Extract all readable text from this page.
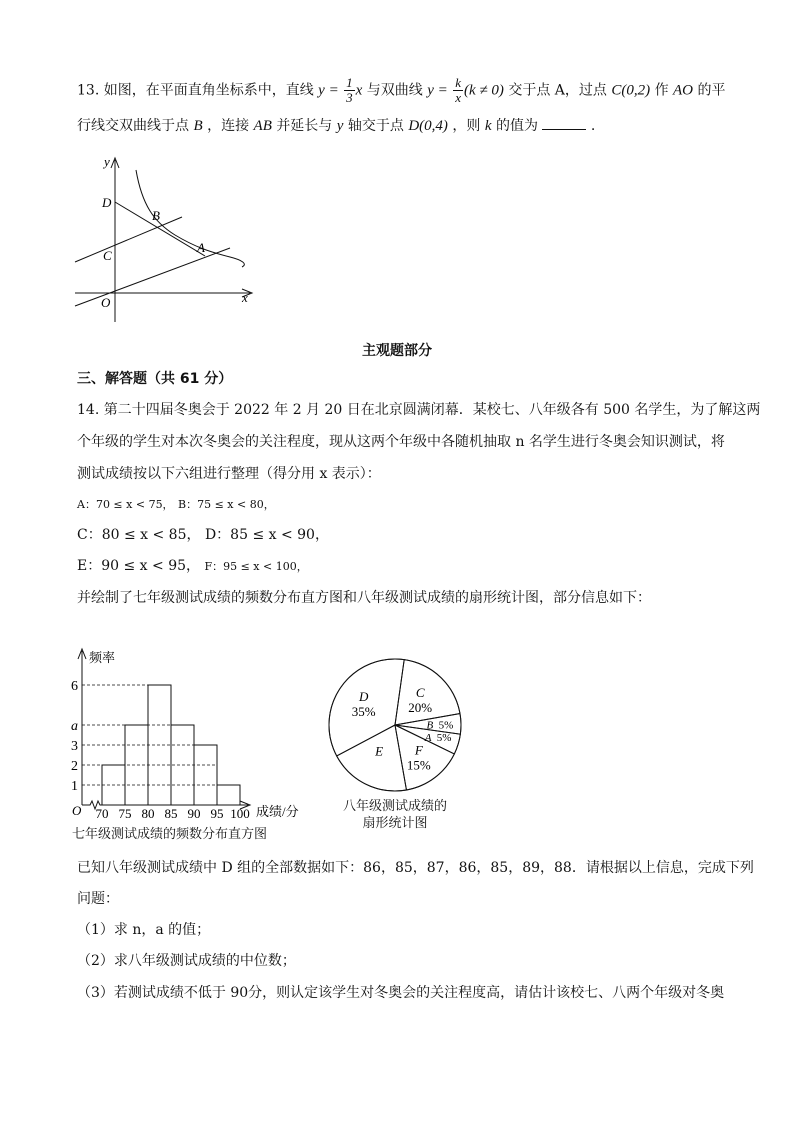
13. 如图，在平面直角坐标系中，直线 $y = \frac{1}{3}$ x 与双曲线 $y = \frac{k}{x} (k \ne 0)$ 交于点 A，过点 C(0,2) 作 AO 的平
行线交双曲线于点 B ，连接 AB 并延长与 y 轴交于点 D(0,4) ，则 k 的值为	.
y
x
D
B
C
A
O
主观题部分
三、解答题（共 61 分）
14. 第二十四届冬奥会于 2022 年 2 月 20 日在北京圆满闭幕．某校七、八年级各有 500 名学生，为了解这两
个年级的学生对本次冬奥会的关注程度，现从这两个年级中各随机抽取 n 名学生进行冬奥会知识测试，将
测试成绩按以下六组进行整理（得分用 x 表示）：
A：70 ≤ x < 75， B：75 ≤ x < 80，
C：80 ≤ x < 85， D：85 ≤ x < 90，
E：90 ≤ x < 95， F：95 ≤ x < 100，
并绘制了七年级测试成绩的频数分布直方图和八年级测试成绩的扇形统计图，部分信息如下：
1
2
3
a
6
70 75 80 85 90 95 100
频率
成绩/分
O
七年级测试成绩的频数分布直方图
C
20%
B 5%
A 5%
F
15%
E
D
35%
八年级测试成绩的
扇形统计图
已知八年级测试成绩中 D 组的全部数据如下：86，85，87，86，85，89，88．请根据以上信息，完成下列
问题：
（1）求 n，a 的值；
（2）求八年级测试成绩的中位数；
（3）若测试成绩不低于 90分，则认定该学生对冬奥会的关注程度高，请估计该校七、八两个年级对冬奥
